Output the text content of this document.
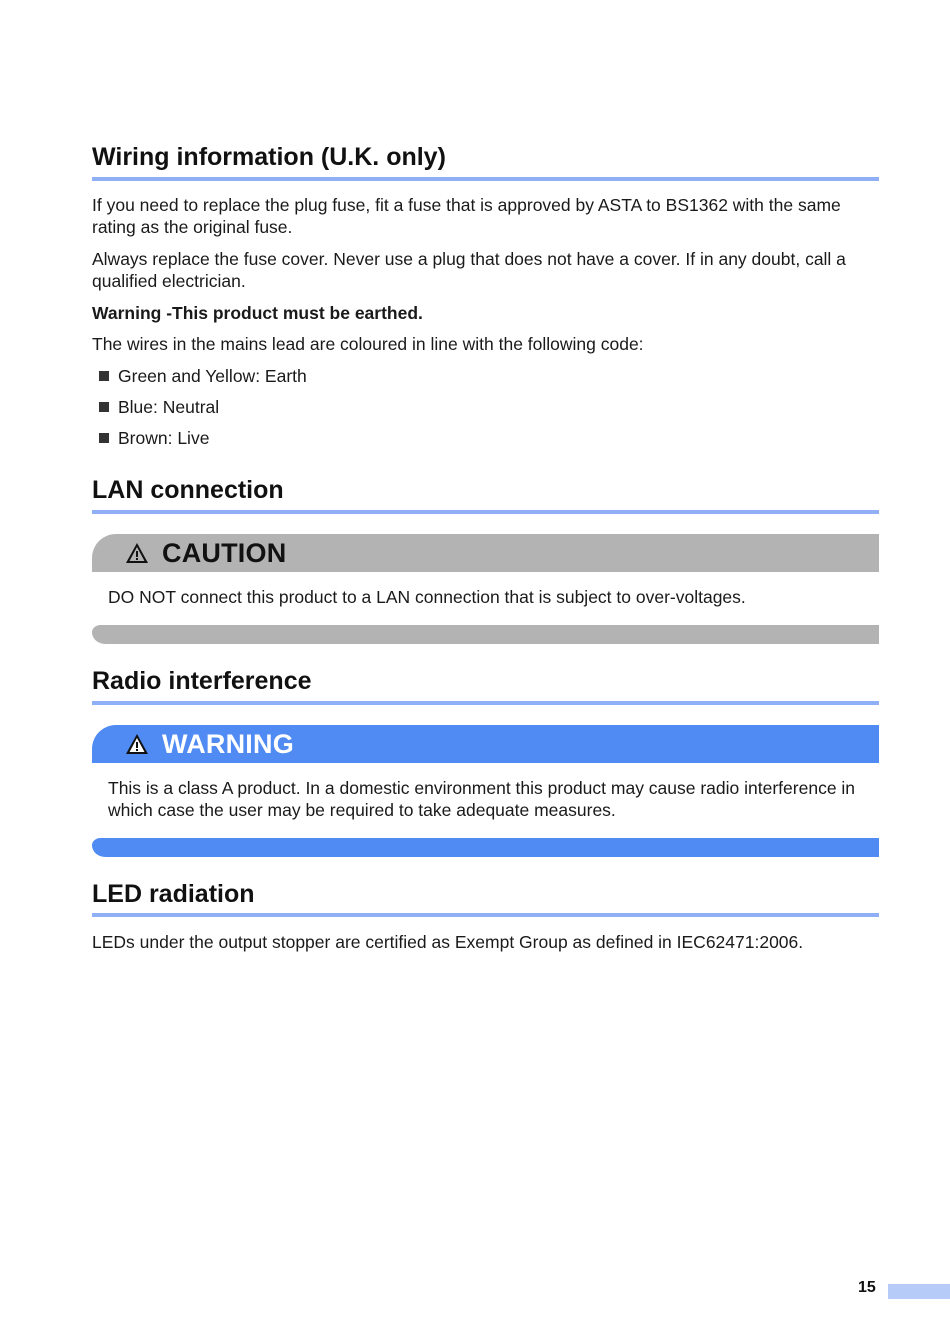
Wiring information (U.K. only)

If you need to replace the plug fuse, fit a fuse that is approved by ASTA to BS1362 with the same rating as the original fuse.

Always replace the fuse cover. Never use a plug that does not have a cover. If in any doubt, call a qualified electrician.

Warning -This product must be earthed.

The wires in the mains lead are coloured in line with the following code:

Green and Yellow: Earth
Blue: Neutral
Brown: Live
LAN connection
CAUTION

DO NOT connect this product to a LAN connection that is subject to over-voltages.

Radio interference
WARNING

This is a class A product. In a domestic environment this product may cause radio interference in which case the user may be required to take adequate measures.

LED radiation

LEDs under the output stopper are certified as Exempt Group as defined in IEC62471:2006.

15
